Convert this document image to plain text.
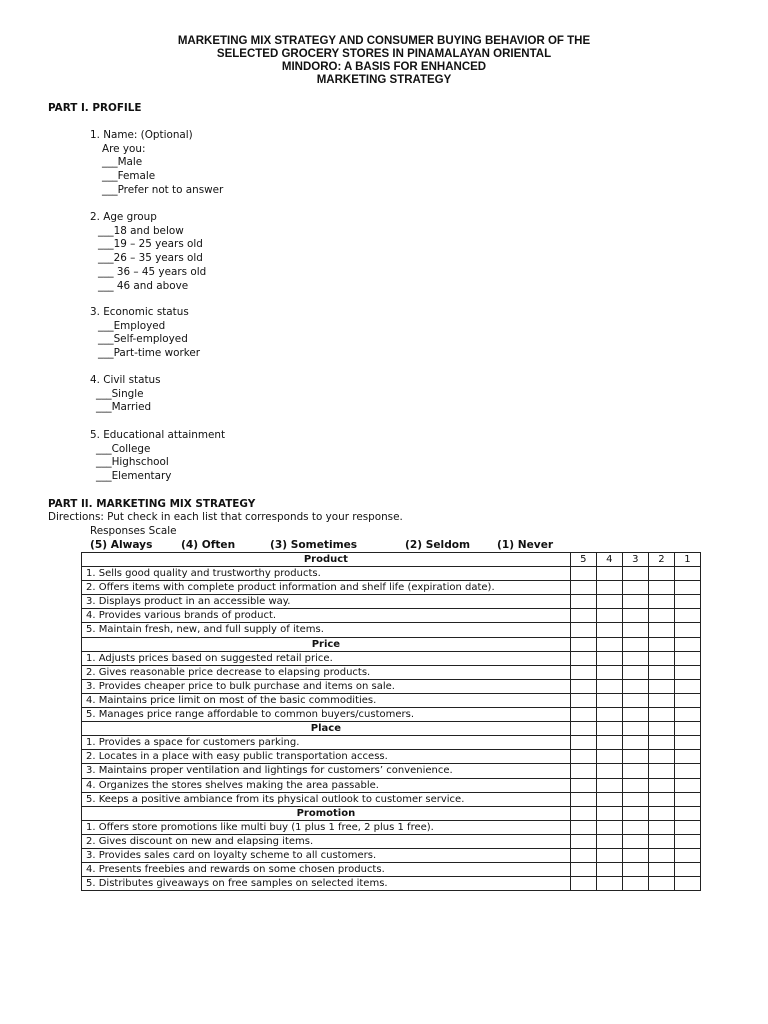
MARKETING MIX STRATEGY AND CONSUMER BUYING BEHAVIOR OF THE
SELECTED GROCERY STORES IN PINAMALAYAN ORIENTAL
MINDORO: A BASIS FOR ENHANCED
MARKETING STRATEGY
PART I. PROFILE
1. Name: (Optional)
Are you:
___Male
___Female
___Prefer not to answer
2. Age group
___18 and below
___19 – 25 years old
___26 – 35 years old
___ 36 – 45 years old
___ 46 and above
3. Economic status
___Employed
___Self-employed
___Part-time worker
4. Civil status
___Single
___Married
5. Educational attainment
___College
___Highschool
___Elementary
PART II. MARKETING MIX STRATEGY
Directions: Put check in each list that corresponds to your response.
Responses Scale
(5) Always	(4) Often	(3) Sometimes	(2) Seldom	(1) Never
Product	5	4	3	2	1
1. Sells good quality and trustworthy products.					
2. Offers items with complete product information and shelf life (expiration date).					
3. Displays product in an accessible way.					
4. Provides various brands of product.					
5. Maintain fresh, new, and full supply of items.					
Price					
1. Adjusts prices based on suggested retail price.					
2. Gives reasonable price decrease to elapsing products.					
3. Provides cheaper price to bulk purchase and items on sale.					
4. Maintains price limit on most of the basic commodities.					
5. Manages price range affordable to common buyers/customers.					
Place					
1. Provides a space for customers parking.					
2. Locates in a place with easy public transportation access.					
3. Maintains proper ventilation and lightings for customers’ convenience.					
4. Organizes the stores shelves making the area passable.					
5. Keeps a positive ambiance from its physical outlook to customer service.					
Promotion					
1. Offers store promotions like multi buy (1 plus 1 free, 2 plus 1 free).					
2. Gives discount on new and elapsing items.					
3. Provides sales card on loyalty scheme to all customers.					
4. Presents freebies and rewards on some chosen products.					
5. Distributes giveaways on free samples on selected items.					
